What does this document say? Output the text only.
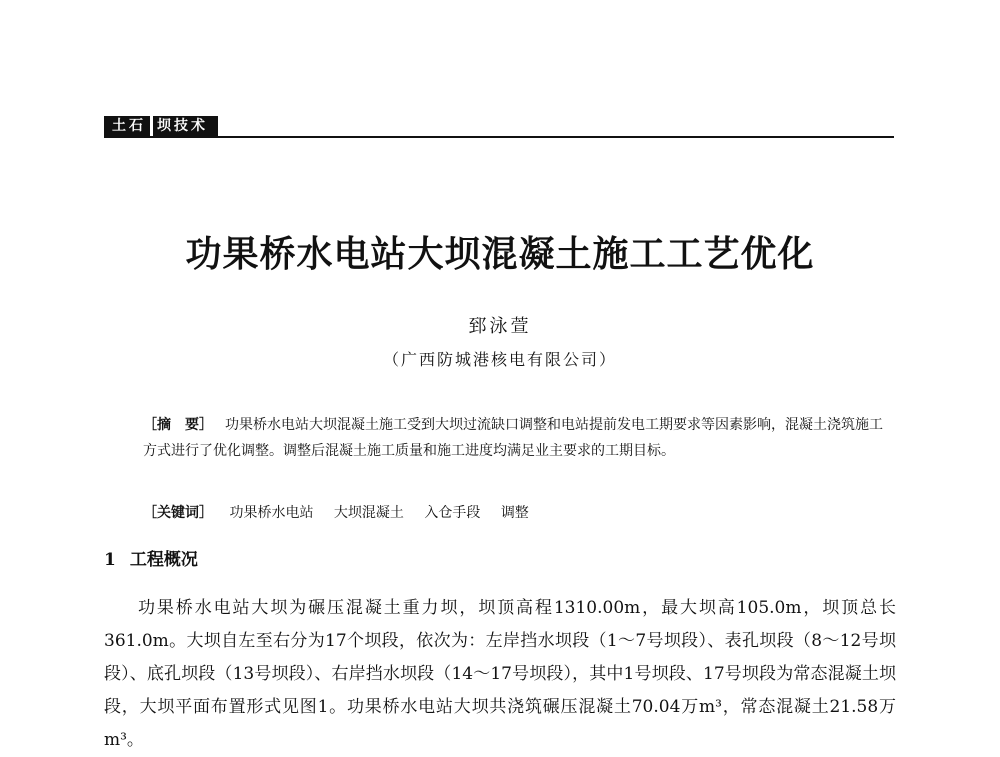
土石 坝技术
功果桥水电站大坝混凝土施工工艺优化
郅泳萱
（广西防城港核电有限公司）

［摘　要］ 功果桥水电站大坝混凝土施工受到大坝过流缺口调整和电站提前发电工期要求等因素影响，混凝土浇筑施工方式进行了优化调整。调整后混凝土施工质量和施工进度均满足业主要求的工期目标。

［关键词］ 功果桥水电站 大坝混凝土 入仓手段 调整
1 工程概况

功果桥水电站大坝为碾压混凝土重力坝，坝顶高程1310.00m，最大坝高105.0m，坝顶总长361.0m。大坝自左至右分为17个坝段，依次为：左岸挡水坝段（1～7号坝段）、表孔坝段（8～12号坝段）、底孔坝段（13号坝段）、右岸挡水坝段（14～17号坝段），其中1号坝段、17号坝段为常态混凝土坝段，大坝平面布置形式见图1。功果桥水电站大坝共浇筑碾压混凝土70.04万m³，常态混凝土21.58万m³。
